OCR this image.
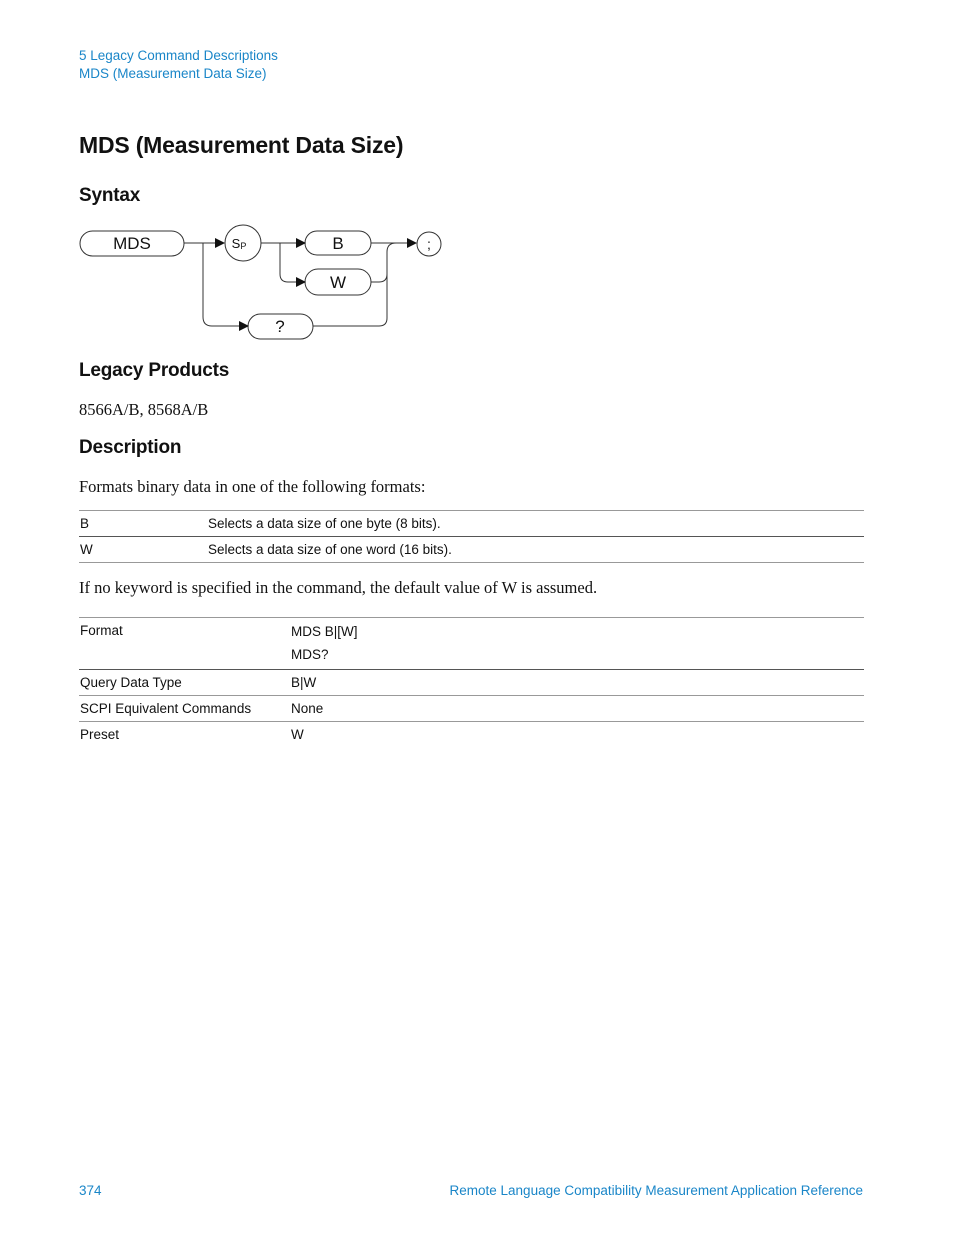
5 Legacy Command Descriptions
MDS (Measurement Data Size)
MDS (Measurement Data Size)
Syntax
MDS	SP	B
W
?
;
Legacy Products
8566A/B, 8568A/B
Description
Formats binary data in one of the following formats:
B	Selects a data size of one byte (8 bits).
W	Selects a data size of one word (16 bits).
If no keyword is specified in the command, the default value of W is assumed.
Format	MDS B|[W]
MDS?

Query Data Type	B|W
SCPI Equivalent Commands	None
Preset	W
374	Remote Language Compatibility Measurement Application Reference
